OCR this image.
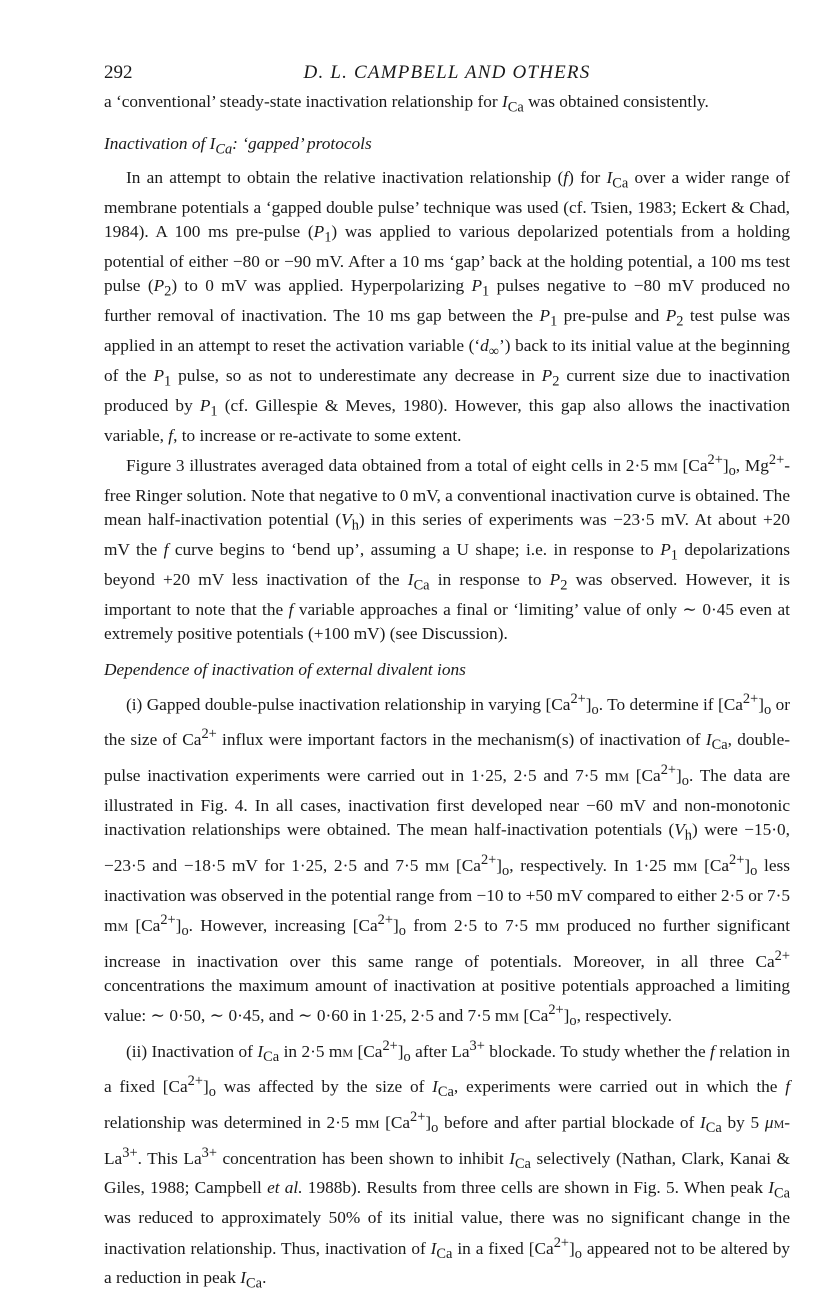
292	D. L. CAMPBELL AND OTHERS

a ‘conventional’ steady-state inactivation relationship for $I_{Ca}$ was obtained consistently.

Inactivation of $I_{Ca}$: ‘gapped’ protocols

In an attempt to obtain the relative inactivation relationship (f) for $I_{Ca}$ over a wider range of membrane potentials a ‘gapped double pulse’ technique was used (cf. Tsien, 1983; Eckert & Chad, 1984). A 100 ms pre-pulse $(P_1)$ was applied to various depolarized potentials from a holding potential of either −80 or −90 mV. After a 10 ms ‘gap’ back at the holding potential, a 100 ms test pulse $(P_2)$ to 0 mV was applied. Hyperpolarizing $P_1$ pulses negative to −80 mV produced no further removal of inactivation. The 10 ms gap between the $P_1$ pre-pulse and $P_2$ test pulse was applied in an attempt to reset the activation variable $(‘d_\infty’)$ back to its initial value at the beginning of the $P_1$ pulse, so as not to underestimate any decrease in $P_2$ current size due to inactivation produced by $P_1$ (cf. Gillespie & Meves, 1980). However, this gap also allows the inactivation variable, f, to increase or re-activate to some extent.

Figure 3 illustrates averaged data obtained from a total of eight cells in 2·5 mm $[Ca^{2+}]_o$, $Mg^{2+}$-free Ringer solution. Note that negative to 0 mV, a conventional inactivation curve is obtained. The mean half-inactivation potential $(V_h)$ in this series of experiments was −23·5 mV. At about +20 mV the f curve begins to ‘bend up’, assuming a U shape; i.e. in response to $P_1$ depolarizations beyond +20 mV less inactivation of the $I_{Ca}$ in response to $P_2$ was observed. However, it is important to note that the f variable approaches a final or ‘limiting’ value of only ∼ 0·45 even at extremely positive potentials (+100 mV) (see Discussion).

Dependence of inactivation of external divalent ions

(i) Gapped double-pulse inactivation relationship in varying $[Ca^{2+}]_o$. To determine if $[Ca^{2+}]_o$ or the size of $Ca^{2+}$ influx were important factors in the mechanism(s) of inactivation of $I_{Ca}$, double-pulse inactivation experiments were carried out in 1·25, 2·5 and 7·5 mm $[Ca^{2+}]_o$. The data are illustrated in Fig. 4. In all cases, inactivation first developed near −60 mV and non-monotonic inactivation relationships were obtained. The mean half-inactivation potentials $(V_h)$ were −15·0, −23·5 and −18·5 mV for 1·25, 2·5 and 7·5 mm $[Ca^{2+}]_o$, respectively. In 1·25 mm $[Ca^{2+}]_o$ less inactivation was observed in the potential range from −10 to +50 mV compared to either 2·5 or 7·5 mm $[Ca^{2+}]_o$. However, increasing $[Ca^{2+}]_o$ from 2·5 to 7·5 mm produced no further significant increase in inactivation over this same range of potentials. Moreover, in all three $Ca^{2+}$ concentrations the maximum amount of inactivation at positive potentials approached a limiting value: ∼ 0·50, ∼ 0·45, and ∼ 0·60 in 1·25, 2·5 and 7·5 mm $[Ca^{2+}]_o$, respectively.

(ii) Inactivation of $I_{Ca}$ in 2·5 mm $[Ca^{2+}]_o$ after $La^{3+}$ blockade. To study whether the f relation in a fixed $[Ca^{2+}]_o$ was affected by the size of $I_{Ca}$, experiments were carried out in which the f relationship was determined in 2·5 mm $[Ca^{2+}]_o$ before and after partial blockade of $I_{Ca}$ by 5 $\mu m-La^{3+}$. This $La^{3+}$ concentration has been shown to inhibit $I_{Ca}$ selectively (Nathan, Clark, Kanai & Giles, 1988; Campbell et al. 1988b). Results from three cells are shown in Fig. 5. When peak $I_{Ca}$ was reduced to approximately 50% of its initial value, there was no significant change in the inactivation relationship. Thus, inactivation of $I_{Ca}$ in a fixed $[Ca^{2+}]_o$ appeared not to be altered by a reduction in peak $I_{Ca}$.
